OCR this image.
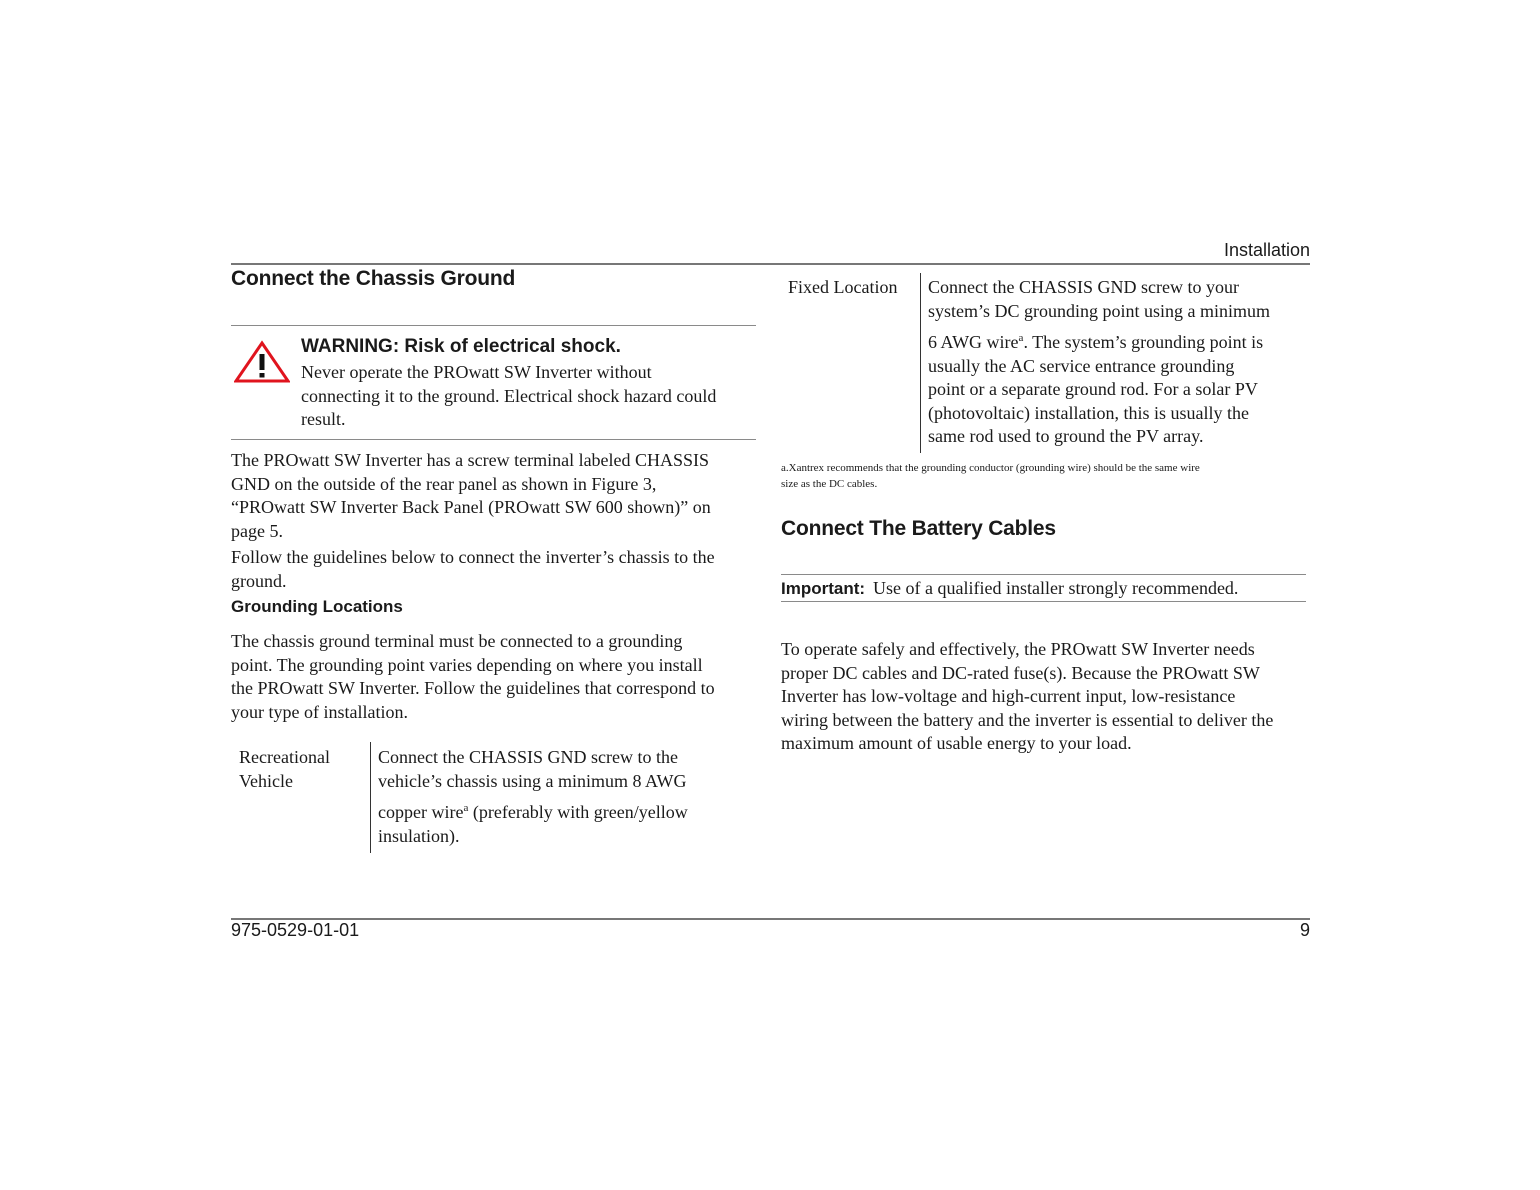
Installation
Connect the Chassis Ground
WARNING: Risk of electrical shock.
Never operate the PROwatt SW Inverter without
connecting it to the ground. Electrical shock hazard could
result.
The PROwatt SW Inverter has a screw terminal labeled CHASSIS
GND on the outside of the rear panel as shown in Figure 3,
“PROwatt SW Inverter Back Panel (PROwatt SW 600 shown)” on
page 5.
Follow the guidelines below to connect the inverter’s chassis to the
ground.
Grounding Locations
The chassis ground terminal must be connected to a grounding
point. The grounding point varies depending on where you install
the PROwatt SW Inverter. Follow the guidelines that correspond to
your type of installation.
Recreational
Vehicle
Connect the CHASSIS GND screw to the
vehicle’s chassis using a minimum 8 AWG
copper wire$^a$ (preferably with green/yellow
insulation).
Fixed Location Connect the CHASSIS GND screw to your
system’s DC grounding point using a minimum
6 AWG wire$^a$. The system’s grounding point is
usually the AC service entrance grounding
point or a separate ground rod. For a solar PV
(photovoltaic) installation, this is usually the
same rod used to ground the PV array.
a.Xantrex recommends that the grounding conductor (grounding wire) should be the same wire
size as the DC cables.
Connect The Battery Cables
Important: Use of a qualified installer strongly recommended.
To operate safely and effectively, the PROwatt SW Inverter needs
proper DC cables and DC-rated fuse(s). Because the PROwatt SW
Inverter has low-voltage and high-current input, low-resistance
wiring between the battery and the inverter is essential to deliver the
maximum amount of usable energy to your load.
975-0529-01-01	9
